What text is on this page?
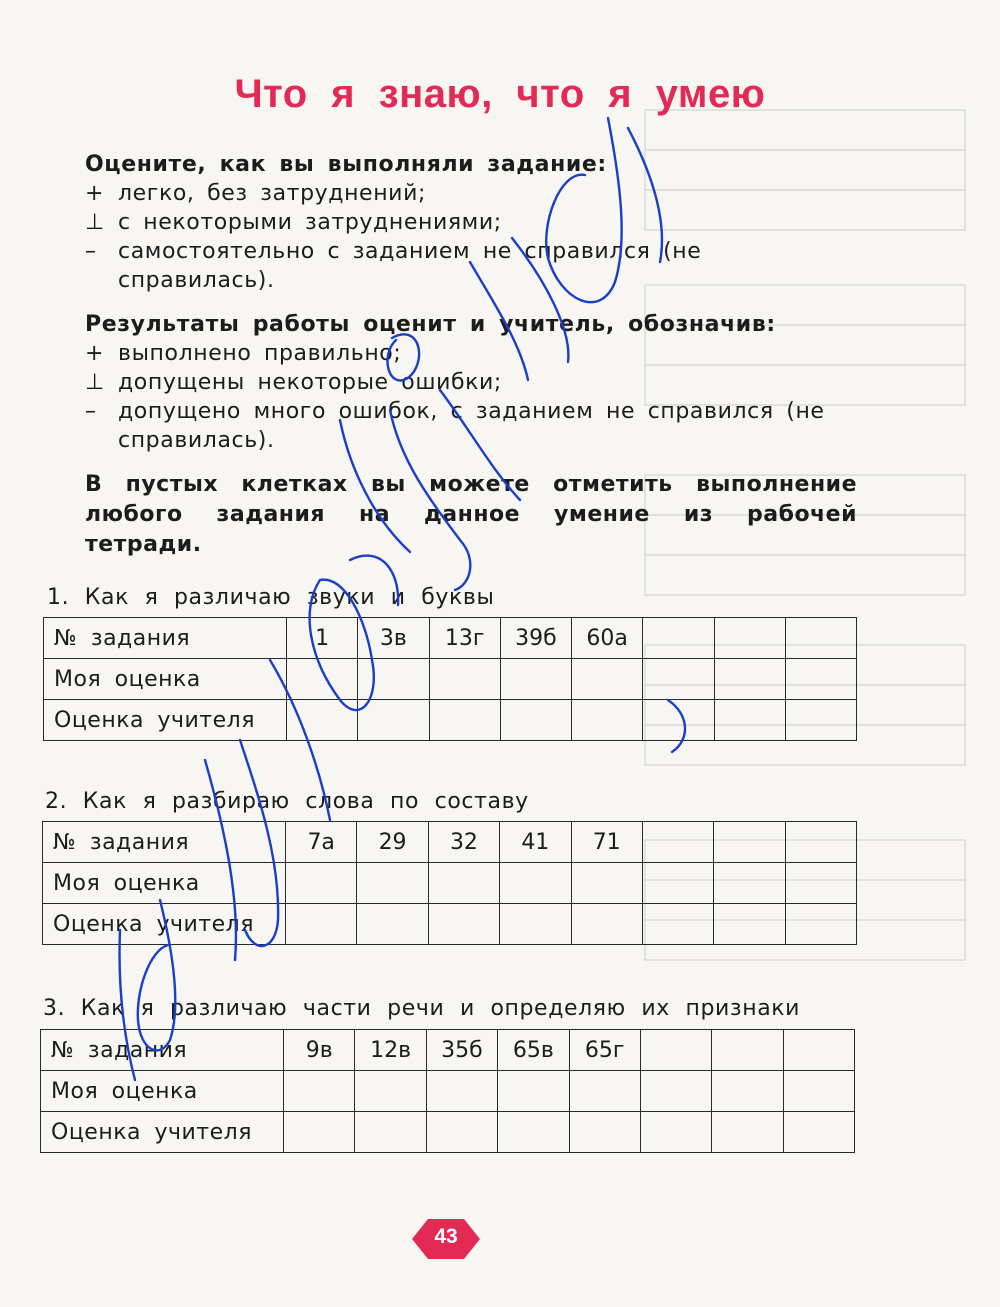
Что я знаю, что я умею

Оцените, как вы выполняли задание:

+ легко, без затруднений;

⊥ с некоторыми затруднениями;

– самостоятельно с заданием не справился (не справилась).

Результаты работы оценит и учитель, обозначив:

+ выполнено правильно;

⊥ допущены некоторые ошибки;

– допущено много ошибок, с заданием не справился (не справилась).

В пустых клетках вы можете отметить выполнение любого задания на данное умение из рабочей тетради.
1. Как я различаю звуки и буквы
№ задания	1	3в	13г	39б	60а			
Моя оценка								
Оценка учителя								
2. Как я разбираю слова по составу
№ задания	7а	29	32	41	71			
Моя оценка								
Оценка учителя								
3. Как я различаю части речи и определяю их признаки
№ задания	9в	12в	35б	65в	65г			
Моя оценка								
Оценка учителя								
43
